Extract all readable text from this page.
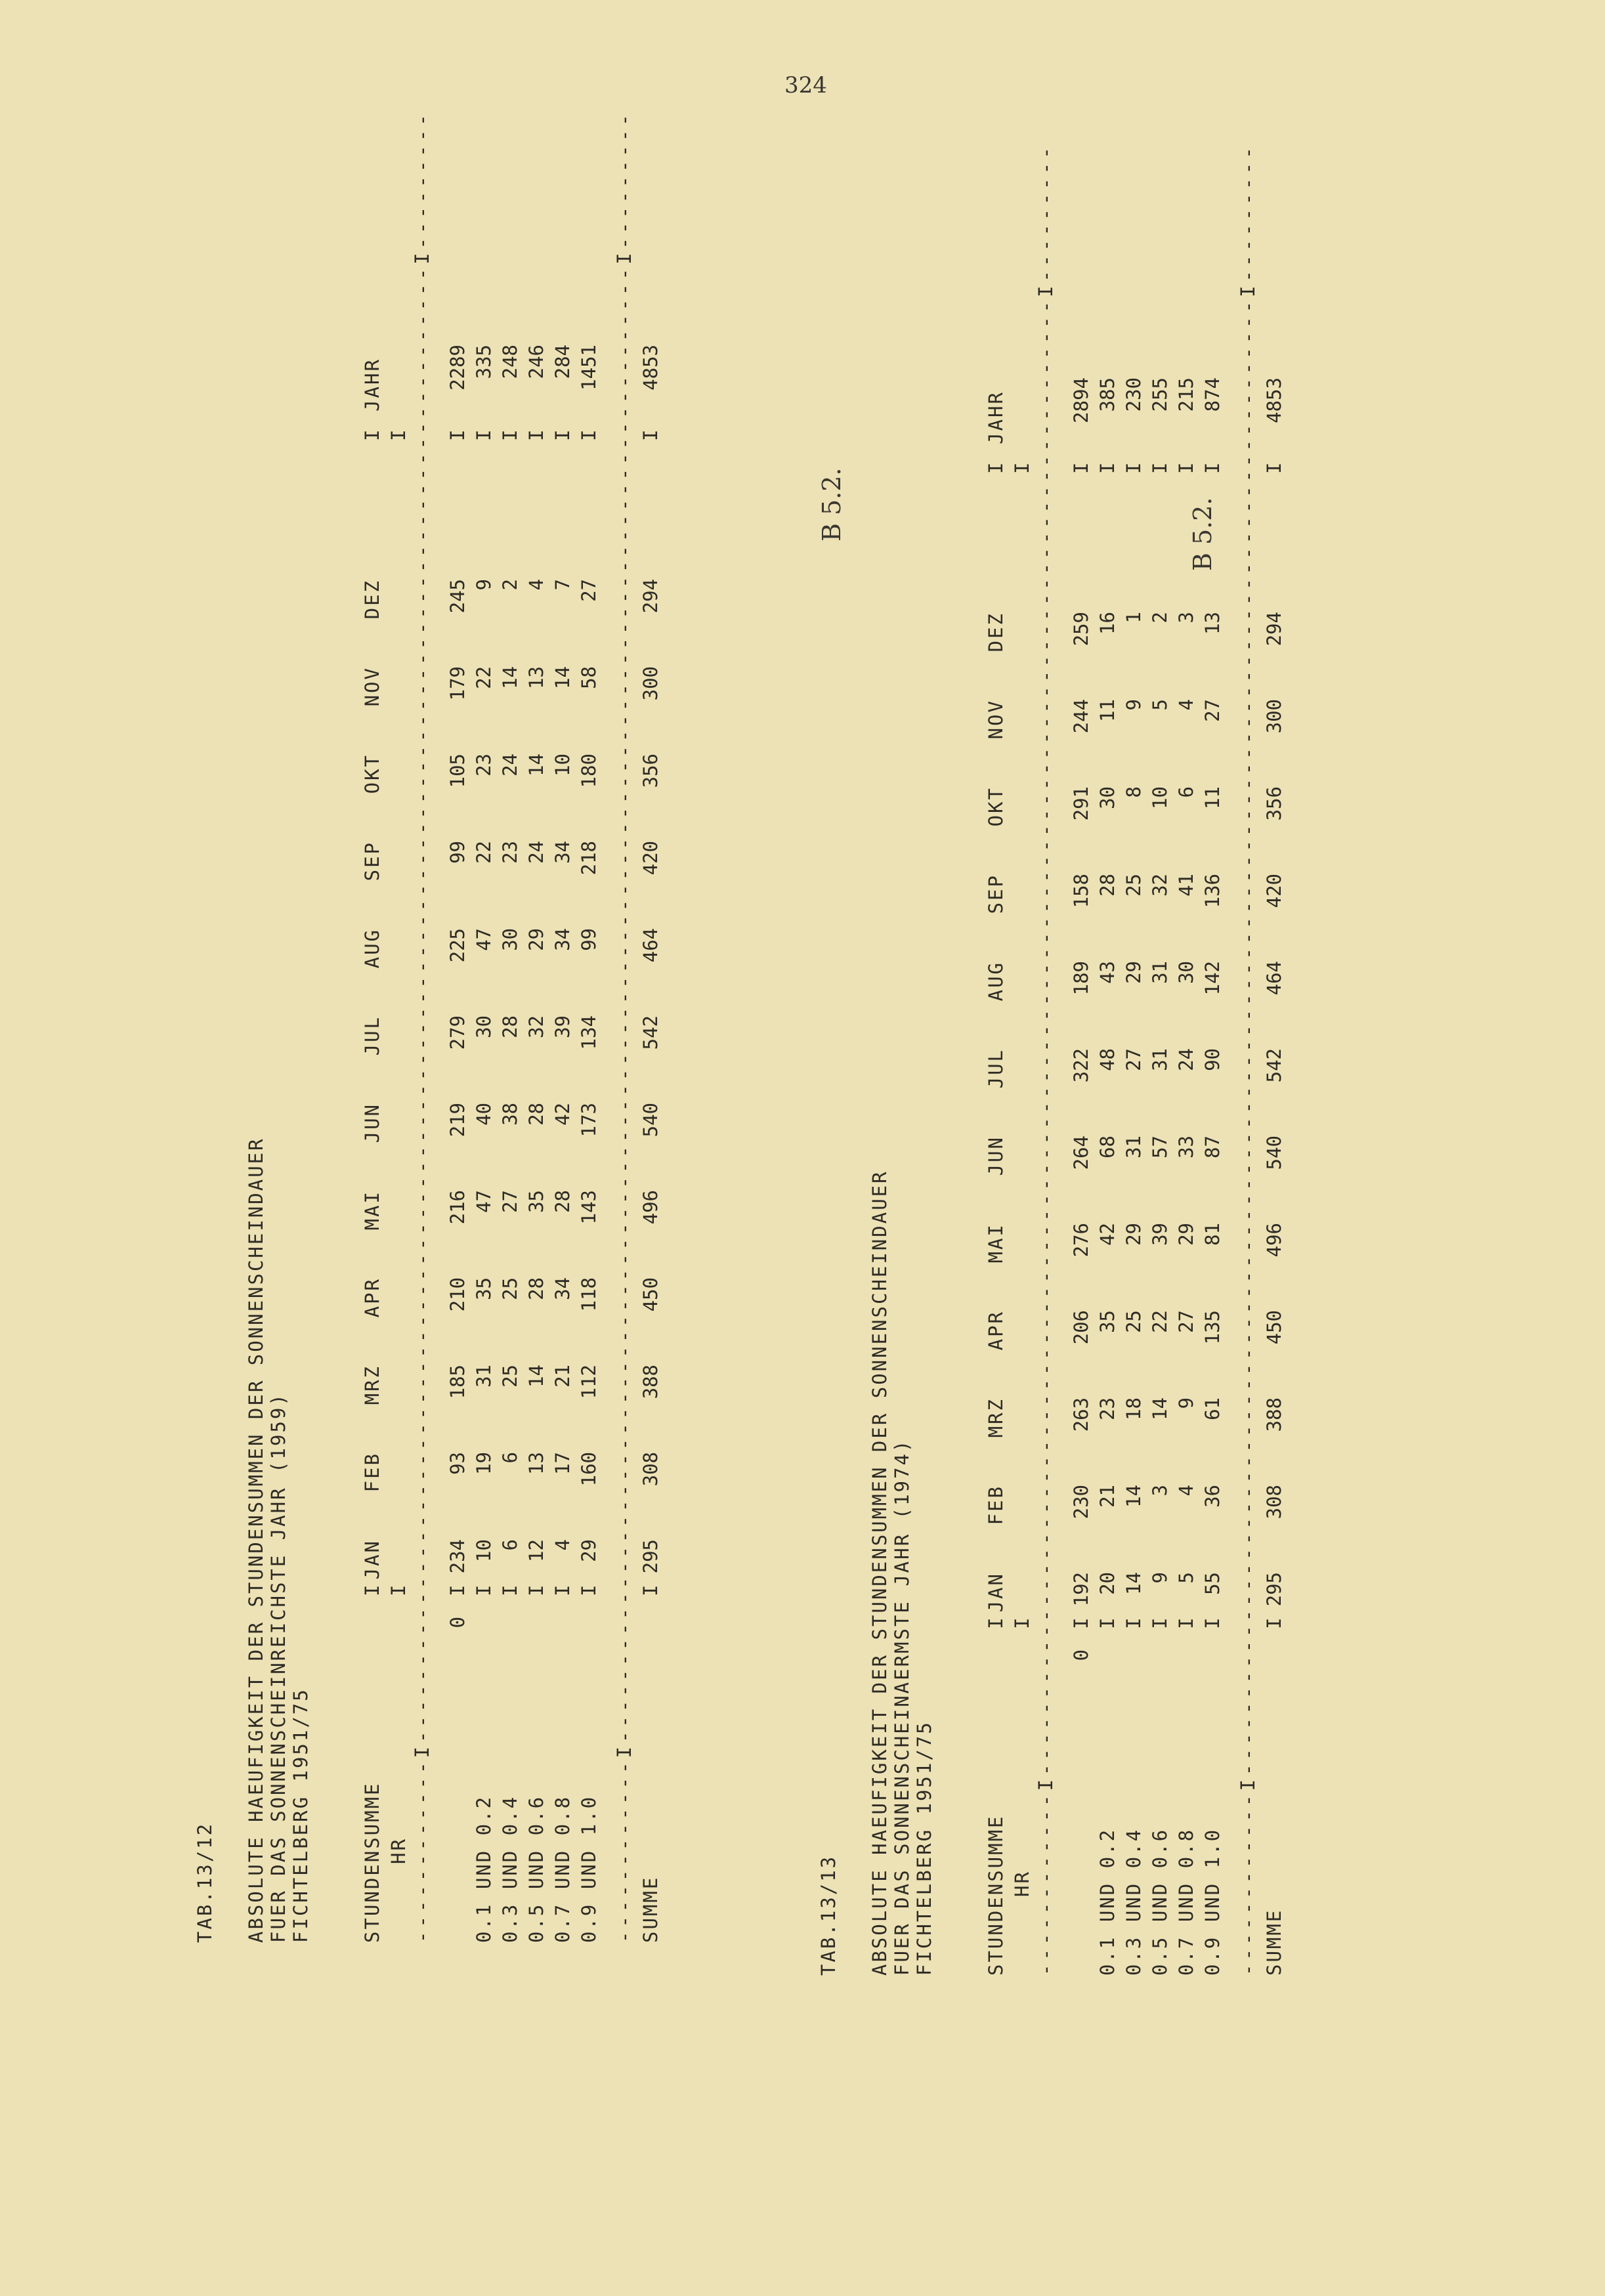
324
B 5.2.
B 5.2.
TAB.13/12 ABSOLUTE HAEUFIGKEIT DER STUNDENSUMMEN DER SONNENSCHEINDAUER FUER DAS SONNENSCHEINREICHSTE JAHR (1959) FICHTELBERG 1951/75	STUNDENSUMME
I
I
JAN
FEB
MRZ
APR
MAI
JUN
JUL
AUG
SEP
OKT
NOV
DEZ
JAHR
HR
I
I ------------I------------------------------------------------------------------------------------------------I--------- 0
I
I
234
93
185
210
216
219
279
225
99
105
179
245
2289
0.1 UND 0.2
I
I
10
19
31
35
47
40
30
47
22
23
22
9
335
0.3 UND 0.4
I
I
6
6
25
25
27
38
28
30
23
24
14
2
248
0.5 UND 0.6
I
I
12
13
14
28
35
28
32
29
24
14
13
4
246
0.7 UND 0.8
I
I
4
17
21
34
28
42
39
34
34
10
14
7
284
0.9 UND 1.0
I
I
29
160
112
118
143
173
134
99
218
180
58
27
1451 ------------I------------------------------------------------------------------------------------------------I--------- SUMME
I
I
295
308
388
450
496
540
542
464
420
356
300
294
4853
TAB.13/13 ABSOLUTE HAEUFIGKEIT DER STUNDENSUMMEN DER SONNENSCHEINDAUER FUER DAS SONNENSCHEINAERMSTE JAHR (1974) FICHTELBERG 1951/75	STUNDENSUMME
I
I
JAN
FEB
MRZ
APR
MAI
JUN
JUL
AUG
SEP
OKT
NOV
DEZ
JAHR
HR
I
I ------------I------------------------------------------------------------------------------------------------I--------- 0
I
I
192
230
263
206
276
264
322
189
158
291
244
259
2894
0.1 UND 0.2
I
I
20
21
23
35
42
68
48
43
28
30
11
16
385
0.3 UND 0.4
I
I
14
14
18
25
29
31
27
29
25
8
9
1
230
0.5 UND 0.6
I
I
9
3
14
22
39
57
31
31
32
10
5
2
255
0.7 UND 0.8
I
I
5
4
9
27
29
33
24
30
41
6
4
3
215
0.9 UND 1.0
I
I
55
36
61
135
81
87
90
142
136
11
27
13
874 ------------I------------------------------------------------------------------------------------------------I--------- SUMME
I
I
295
308
388
450
496
540
542
464
420
356
300
294
4853
